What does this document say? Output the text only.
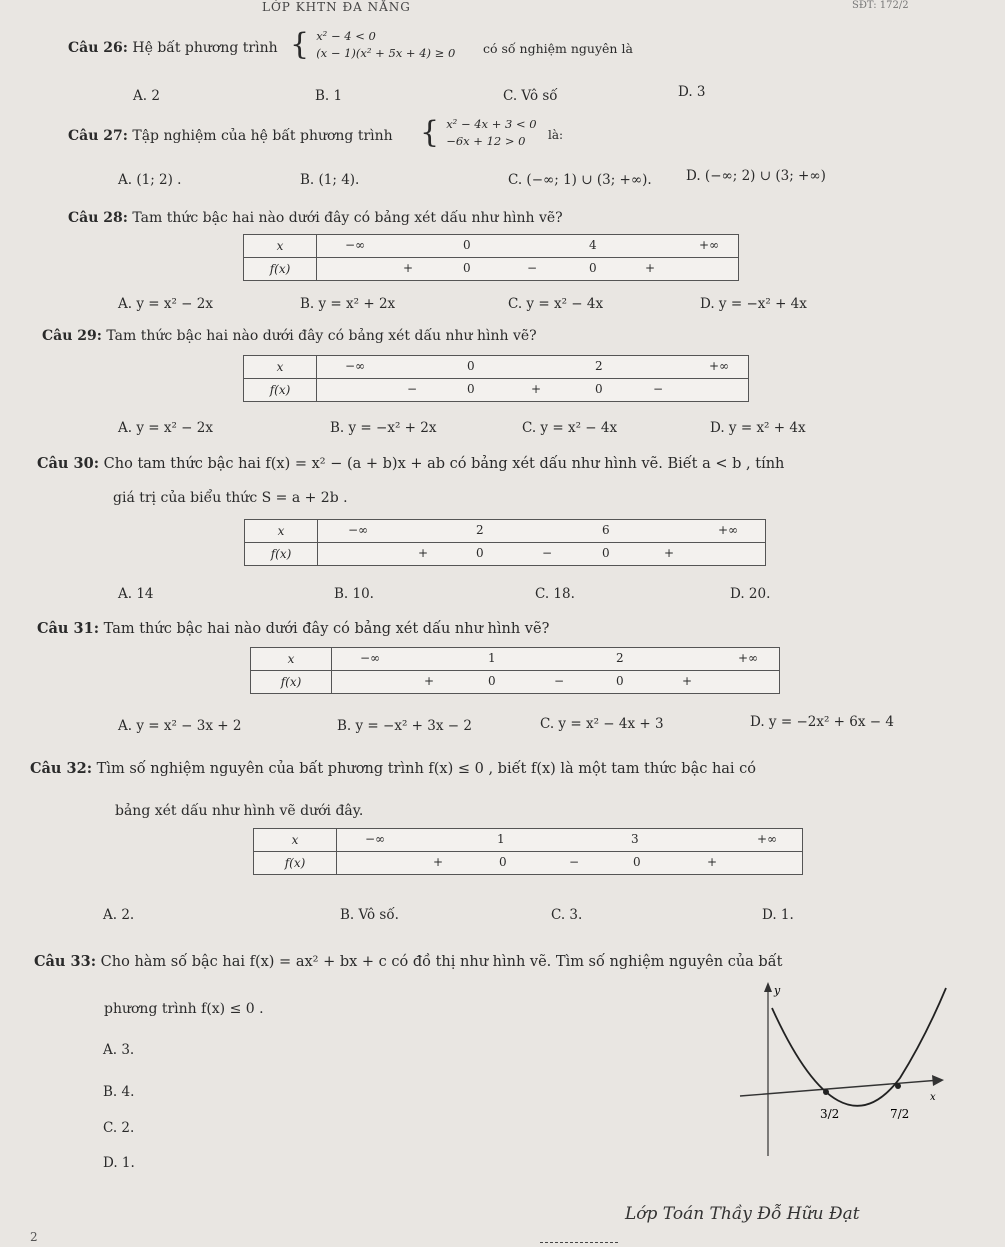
LỚP KHTN ĐA NĂNG	SĐT: 172/2
Câu 26: Hệ bất phương trình { x² − 4 < 0
(x − 1)(x² + 5x + 4) ≥ 0 có số nghiệm nguyên là
A. 2	B. 1	C. Vô số	D. 3
Câu 27: Tập nghiệm của hệ bất phương trình { x² − 4x + 3 < 0
−6x + 12 > 0	là:
A. (1; 2) .	B. (1; 4).	C. (−∞; 1) ∪ (3; +∞).	D. (−∞; 2) ∪ (3; +∞)
Câu 28: Tam thức bậc hai nào dưới đây có bảng xét dấu như hình vẽ?
x	−∞ 0 4 +∞

f(x)	+ 0 − 0 +
A. y = x² − 2x	B. y = x² + 2x	C. y = x² − 4x	D. y = −x² + 4x
Câu 29: Tam thức bậc hai nào dưới đây có bảng xét dấu như hình vẽ?
x	−∞ 0 2 +∞

f(x)	− 0 + 0 −
A. y = x² − 2x	B. y = −x² + 2x	C. y = x² − 4x	D. y = x² + 4x
Câu 30: Cho tam thức bậc hai f(x) = x² − (a + b)x + ab có bảng xét dấu như hình vẽ. Biết a < b , tính
giá trị của biểu thức S = a + 2b .
x	−∞ 2 6 +∞

f(x)	+ 0 − 0 +
A. 14	B. 10.	C. 18.	D. 20.
Câu 31: Tam thức bậc hai nào dưới đây có bảng xét dấu như hình vẽ?
x	−∞ 1 2 +∞

f(x)	+ 0 − 0 +
A. y = x² − 3x + 2	B. y = −x² + 3x − 2	C. y = x² − 4x + 3	D. y = −2x² + 6x − 4
Câu 32: Tìm số nghiệm nguyên của bất phương trình f(x) ≤ 0 , biết f(x) là một tam thức bậc hai có
bảng xét dấu như hình vẽ dưới đây.
x	−∞ 1 3 +∞

f(x)	+ 0 − 0 +
A. 2.	B. Vô số.	C. 3.	D. 1.
Câu 33: Cho hàm số bậc hai f(x) = ax² + bx + c có đồ thị như hình vẽ. Tìm số nghiệm nguyên của bất
phương trình f(x) ≤ 0 .
A. 3.
B. 4.
C. 2.
D. 1.
y
x
3/2	7/2
2
Lớp Toán Thầy Đỗ Hữu Đạt
